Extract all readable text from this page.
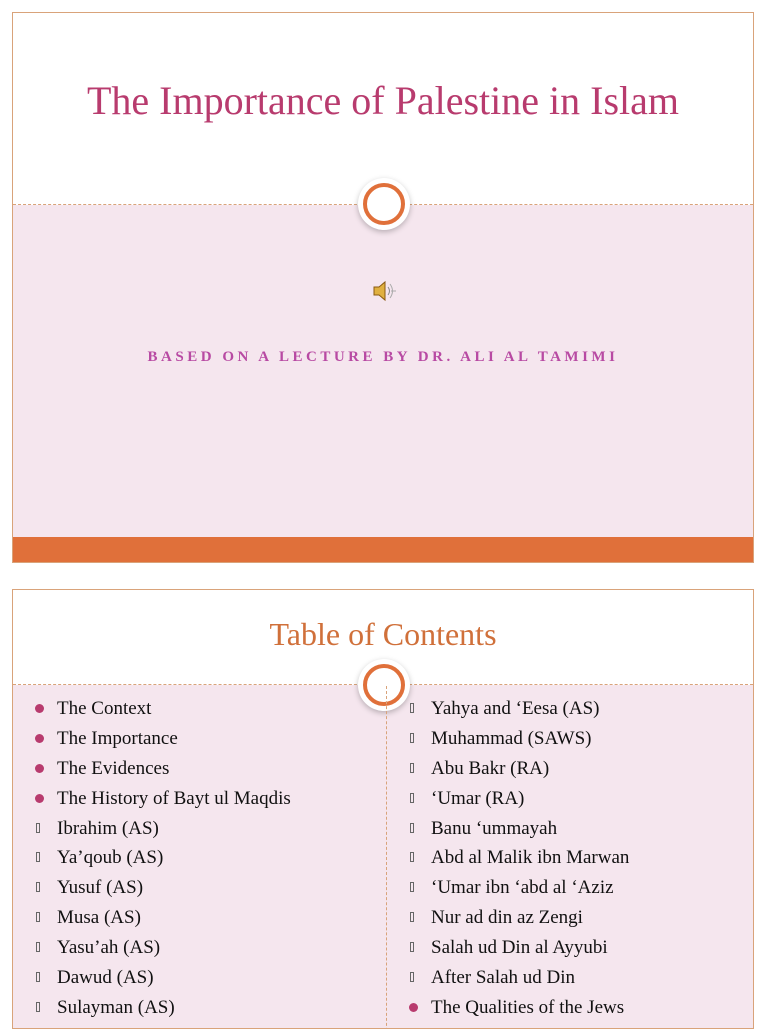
The Importance of Palestine in Islam
BASED ON A LECTURE BY DR. ALI AL TAMIMI
Table of Contents
The Context
The Importance
The Evidences
The History of Bayt ul Maqdis
Ibrahim (AS)
Ya’qoub (AS)
Yusuf (AS)
Musa (AS)
Yasu’ah (AS)
Dawud (AS)
Sulayman (AS)
Yahya and ‘Eesa (AS)
Muhammad (SAWS)
Abu Bakr (RA)
‘Umar (RA)
Banu ‘ummayah
Abd al Malik ibn Marwan
‘Umar ibn ‘abd al ‘Aziz
Nur ad din az Zengi
Salah ud Din al Ayyubi
After Salah ud Din
The Qualities of the Jews
